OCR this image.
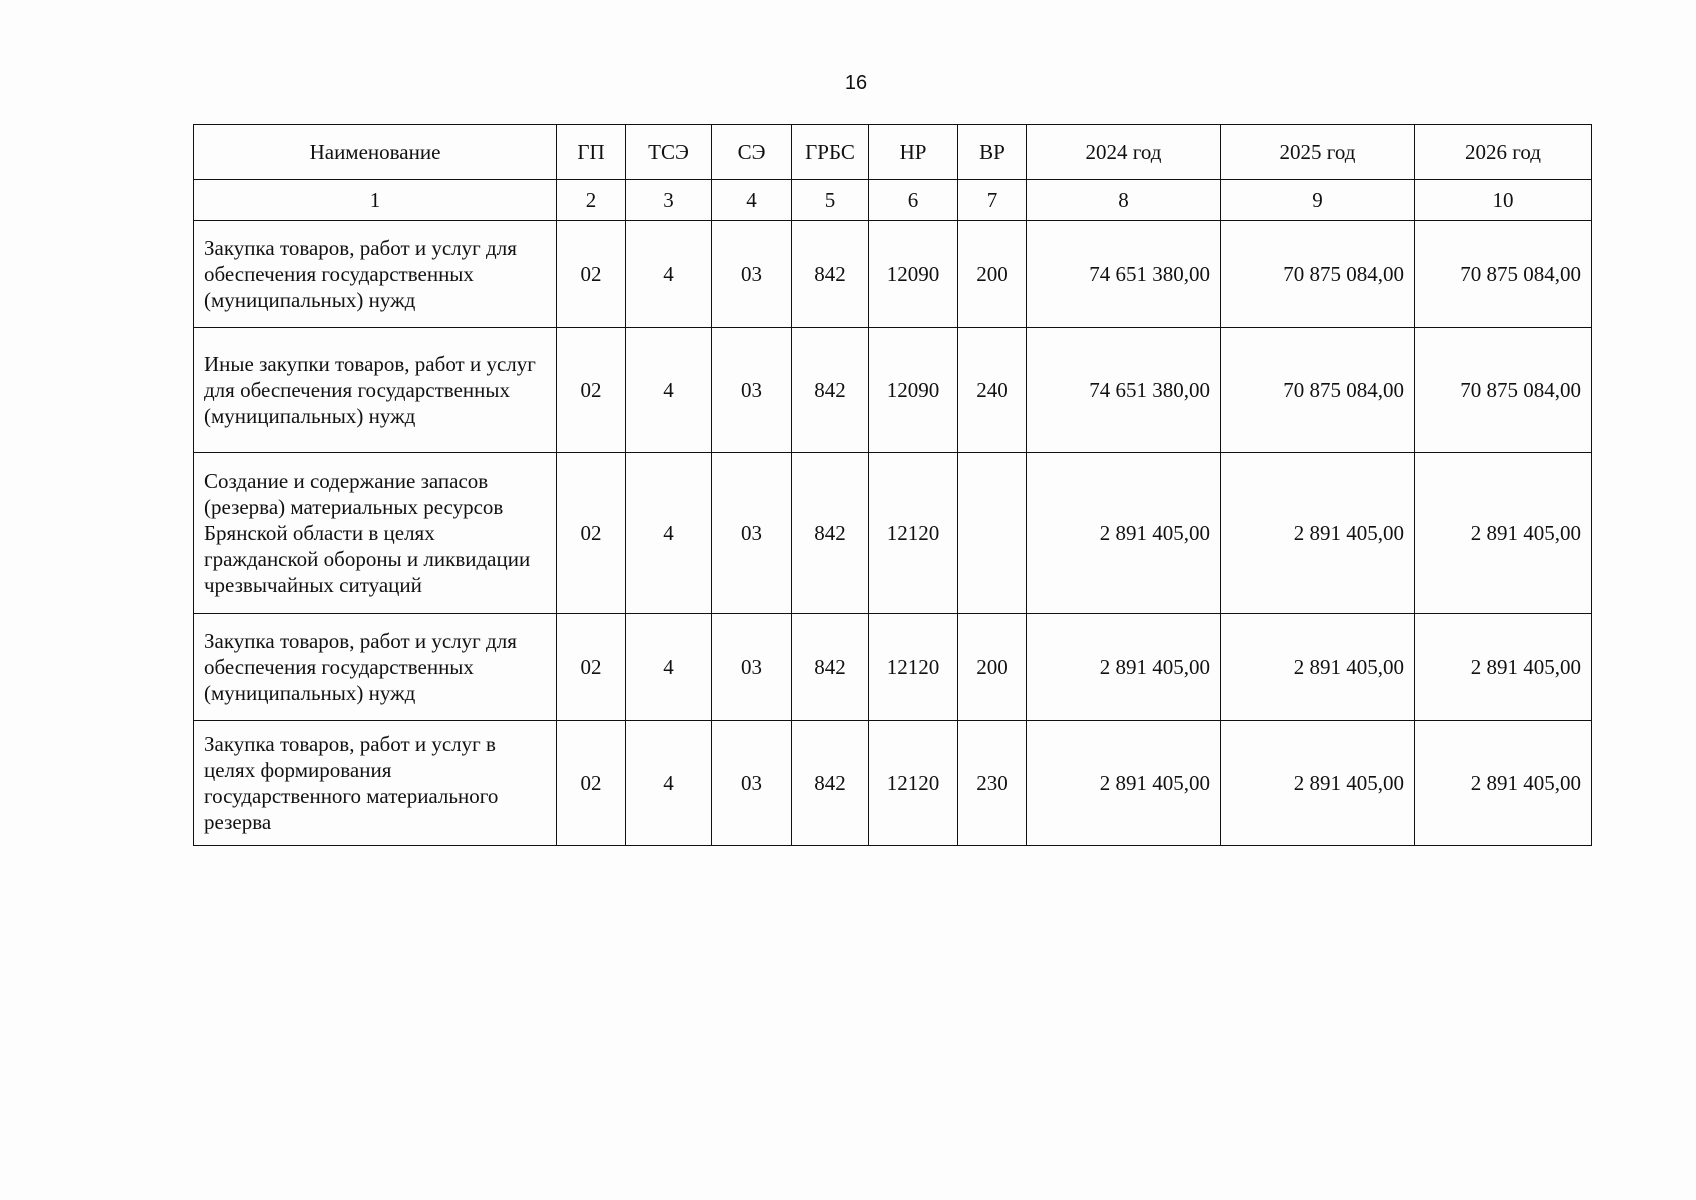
16
Наименование	ГП	ТСЭ	СЭ	ГРБС	НР	ВР	2024 год	2025 год	2026 год
1	2	3	4	5	6	7	8	9	10
Закупка товаров, работ и услуг для обеспечения государственных (муниципальных) нужд	02	4	03	842	12090	200	74 651 380,00	70 875 084,00	70 875 084,00
Иные закупки товаров, работ и услуг для обеспечения государственных (муниципальных) нужд	02	4	03	842	12090	240	74 651 380,00	70 875 084,00	70 875 084,00
Создание и содержание запасов (резерва) материальных ресурсов Брянской области в целях гражданской обороны и ликвидации чрезвычайных ситуаций	02	4	03	842	12120		2 891 405,00	2 891 405,00	2 891 405,00
Закупка товаров, работ и услуг для обеспечения государственных (муниципальных) нужд	02	4	03	842	12120	200	2 891 405,00	2 891 405,00	2 891 405,00
Закупка товаров, работ и услуг в целях формирования государственного материального резерва	02	4	03	842	12120	230	2 891 405,00	2 891 405,00	2 891 405,00
